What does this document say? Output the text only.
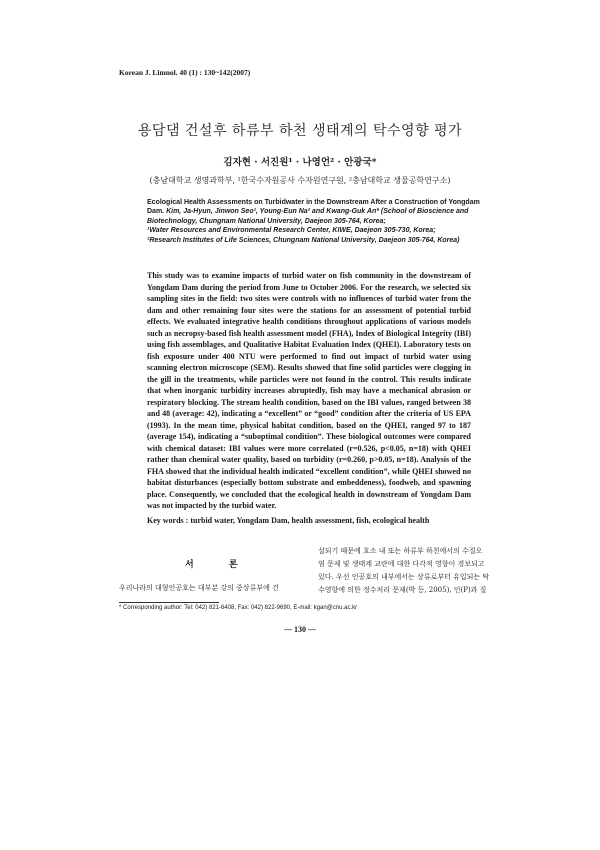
Korean J. Limnol. 40 (1) : 130~142(2007)
용담댐 건설후 하류부 하천 생태계의 탁수영향 평가
김자현 · 서진원¹ · 나영언² · 안광국*
(충남대학교 생명과학부, ¹한국수자원공사 수자원연구원, ²충남대학교 생물공학연구소)
Ecological Health Assessments on Turbidwater in the Downstream After a Construction of Yongdam Dam. Kim, Ja-Hyun, Jinwon Seo¹, Young-Eun Na² and Kwang-Guk An* (School of Bioscience and Biotechnology, Chungnam National University, Daejeon 305-764, Korea;
¹Water Resources and Environmental Research Center, KIWE, Daejeon 305-730, Korea;
²Research Institutes of Life Sciences, Chungnam National University, Daejeon 305-764, Korea)
This study was to examine impacts of turbid water on fish community in the downstream of Yongdam Dam during the period from June to October 2006. For the research, we selected six sampling sites in the field: two sites were controls with no influences of turbid water from the dam and other remaining four sites were the stations for an assessment of potential turbid effects. We evaluated integrative health conditions throughout applications of various models such as necropsy-based fish health assessment model (FHA), Index of Biological Integrity (IBI) using fish assemblages, and Qualitative Habitat Evaluation Index (QHEI). Laboratory tests on fish exposure under 400 NTU were performed to find out impact of turbid water using scanning electron microscope (SEM). Results showed that fine solid particles were clogging in the gill in the treatments, while particles were not found in the control. This results indicate that when inorganic turbidity increases abruptedly, fish may have a mechanical abrasion or respiratory blocking. The stream health condition, based on the IBI values, ranged between 38 and 48 (average: 42), indicating a “excellent” or “good” condition after the criteria of US EPA (1993). In the mean time, physical habitat condition, based on the QHEI, ranged 97 to 187 (average 154), indicating a “suboptimal condition”. These biological outcomes were compared with chemical dataset: IBI values were more correlated (r=0.526, p<0.05, n=18) with QHEI rather than chemical water quality, based on turbidity (r=0.260, p>0.05, n=18). Analysis of the FHA showed that the individual health indicated “excellent condition”, while QHEI showed no habitat disturbances (especially bottom substrate and embeddeness), foodweb, and spawning place. Consequently, we concluded that the ecological health in downstream of Yongdam Dam was not impacted by the turbid water.
Key words : turbid water, Yongdam Dam, health assessment, fish, ecological health
서 론
우리나라의 대형인공호는 대부분 강의 중상류부에 건

설되기 때문에 호소 내 또는 하류부 하천에서의 수질오

염 문제 및 생태계 교란에 대한 다각적 영향이 경보되고

있다. 우선 인공호의 내부에서는 상류로부터 유입되는 탁

수영향에 의한 정수처리 문제(박 등, 2005), 인(P)과 질

* Corresponding author: Tel: 042) 821-6408, Fax: 042) 822-9690, E-mail: kgan@cnu.ac.kr
— 130 —
